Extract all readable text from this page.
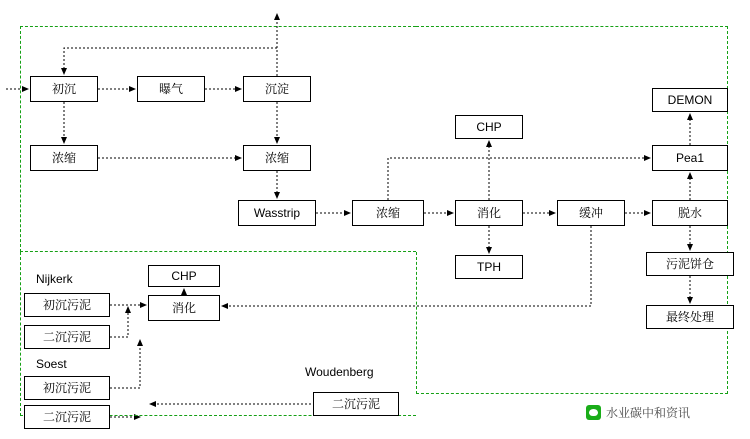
初沉	曝气	沉淀
浓缩	浓缩
Wasstrip	浓缩	消化	缓冲
CHP
TPH
DEMON
Pea1
脱水
污泥饼仓
最终处理
CHP
消化
初沉污泥
二沉污泥
初沉污泥
二沉污泥
二沉污泥
Nijkerk
Soest
Woudenberg
水业碳中和资讯
